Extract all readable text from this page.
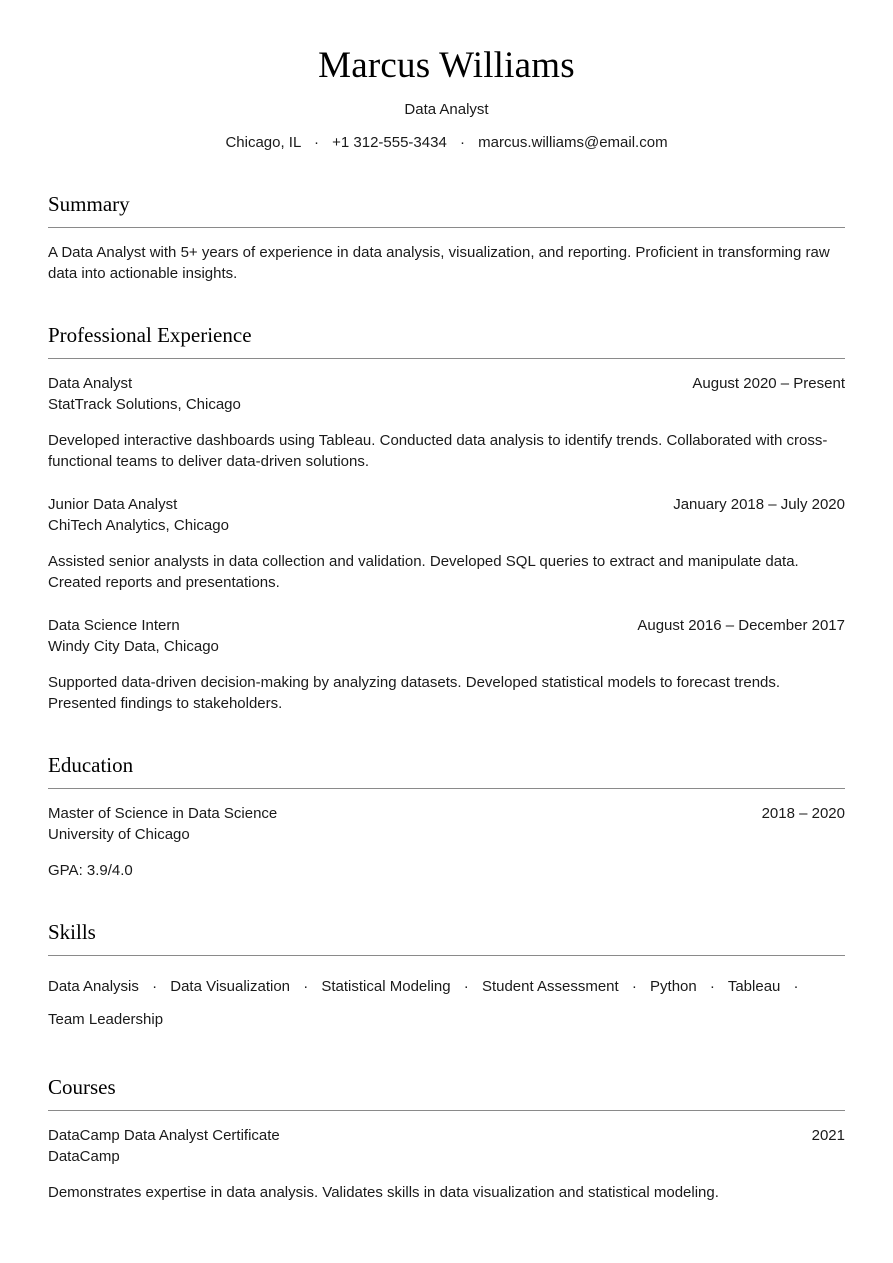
Marcus Williams
Data Analyst
Chicago, IL · +1 312-555-3434 · marcus.williams@email.com
Summary

A Data Analyst with 5+ years of experience in data analysis, visualization, and reporting. Proficient in transforming raw data into actionable insights.

Professional Experience
Data Analyst	August 2020 – Present
StatTrack Solutions, Chicago

Developed interactive dashboards using Tableau. Conducted data analysis to identify trends. Collaborated with cross-functional teams to deliver data-driven solutions.

Junior Data Analyst	January 2018 – July 2020
ChiTech Analytics, Chicago

Assisted senior analysts in data collection and validation. Developed SQL queries to extract and manipulate data. Created reports and presentations.

Data Science Intern	August 2016 – December 2017
Windy City Data, Chicago

Supported data-driven decision-making by analyzing datasets. Developed statistical models to forecast trends. Presented findings to stakeholders.

Education
Master of Science in Data Science	2018 – 2020
University of Chicago

GPA: 3.9/4.0

Skills
Data Analysis · Data Visualization · Statistical Modeling · Student Assessment · Python · Tableau · Team Leadership
Courses
DataCamp Data Analyst Certificate	2021
DataCamp

Demonstrates expertise in data analysis. Validates skills in data visualization and statistical modeling.
